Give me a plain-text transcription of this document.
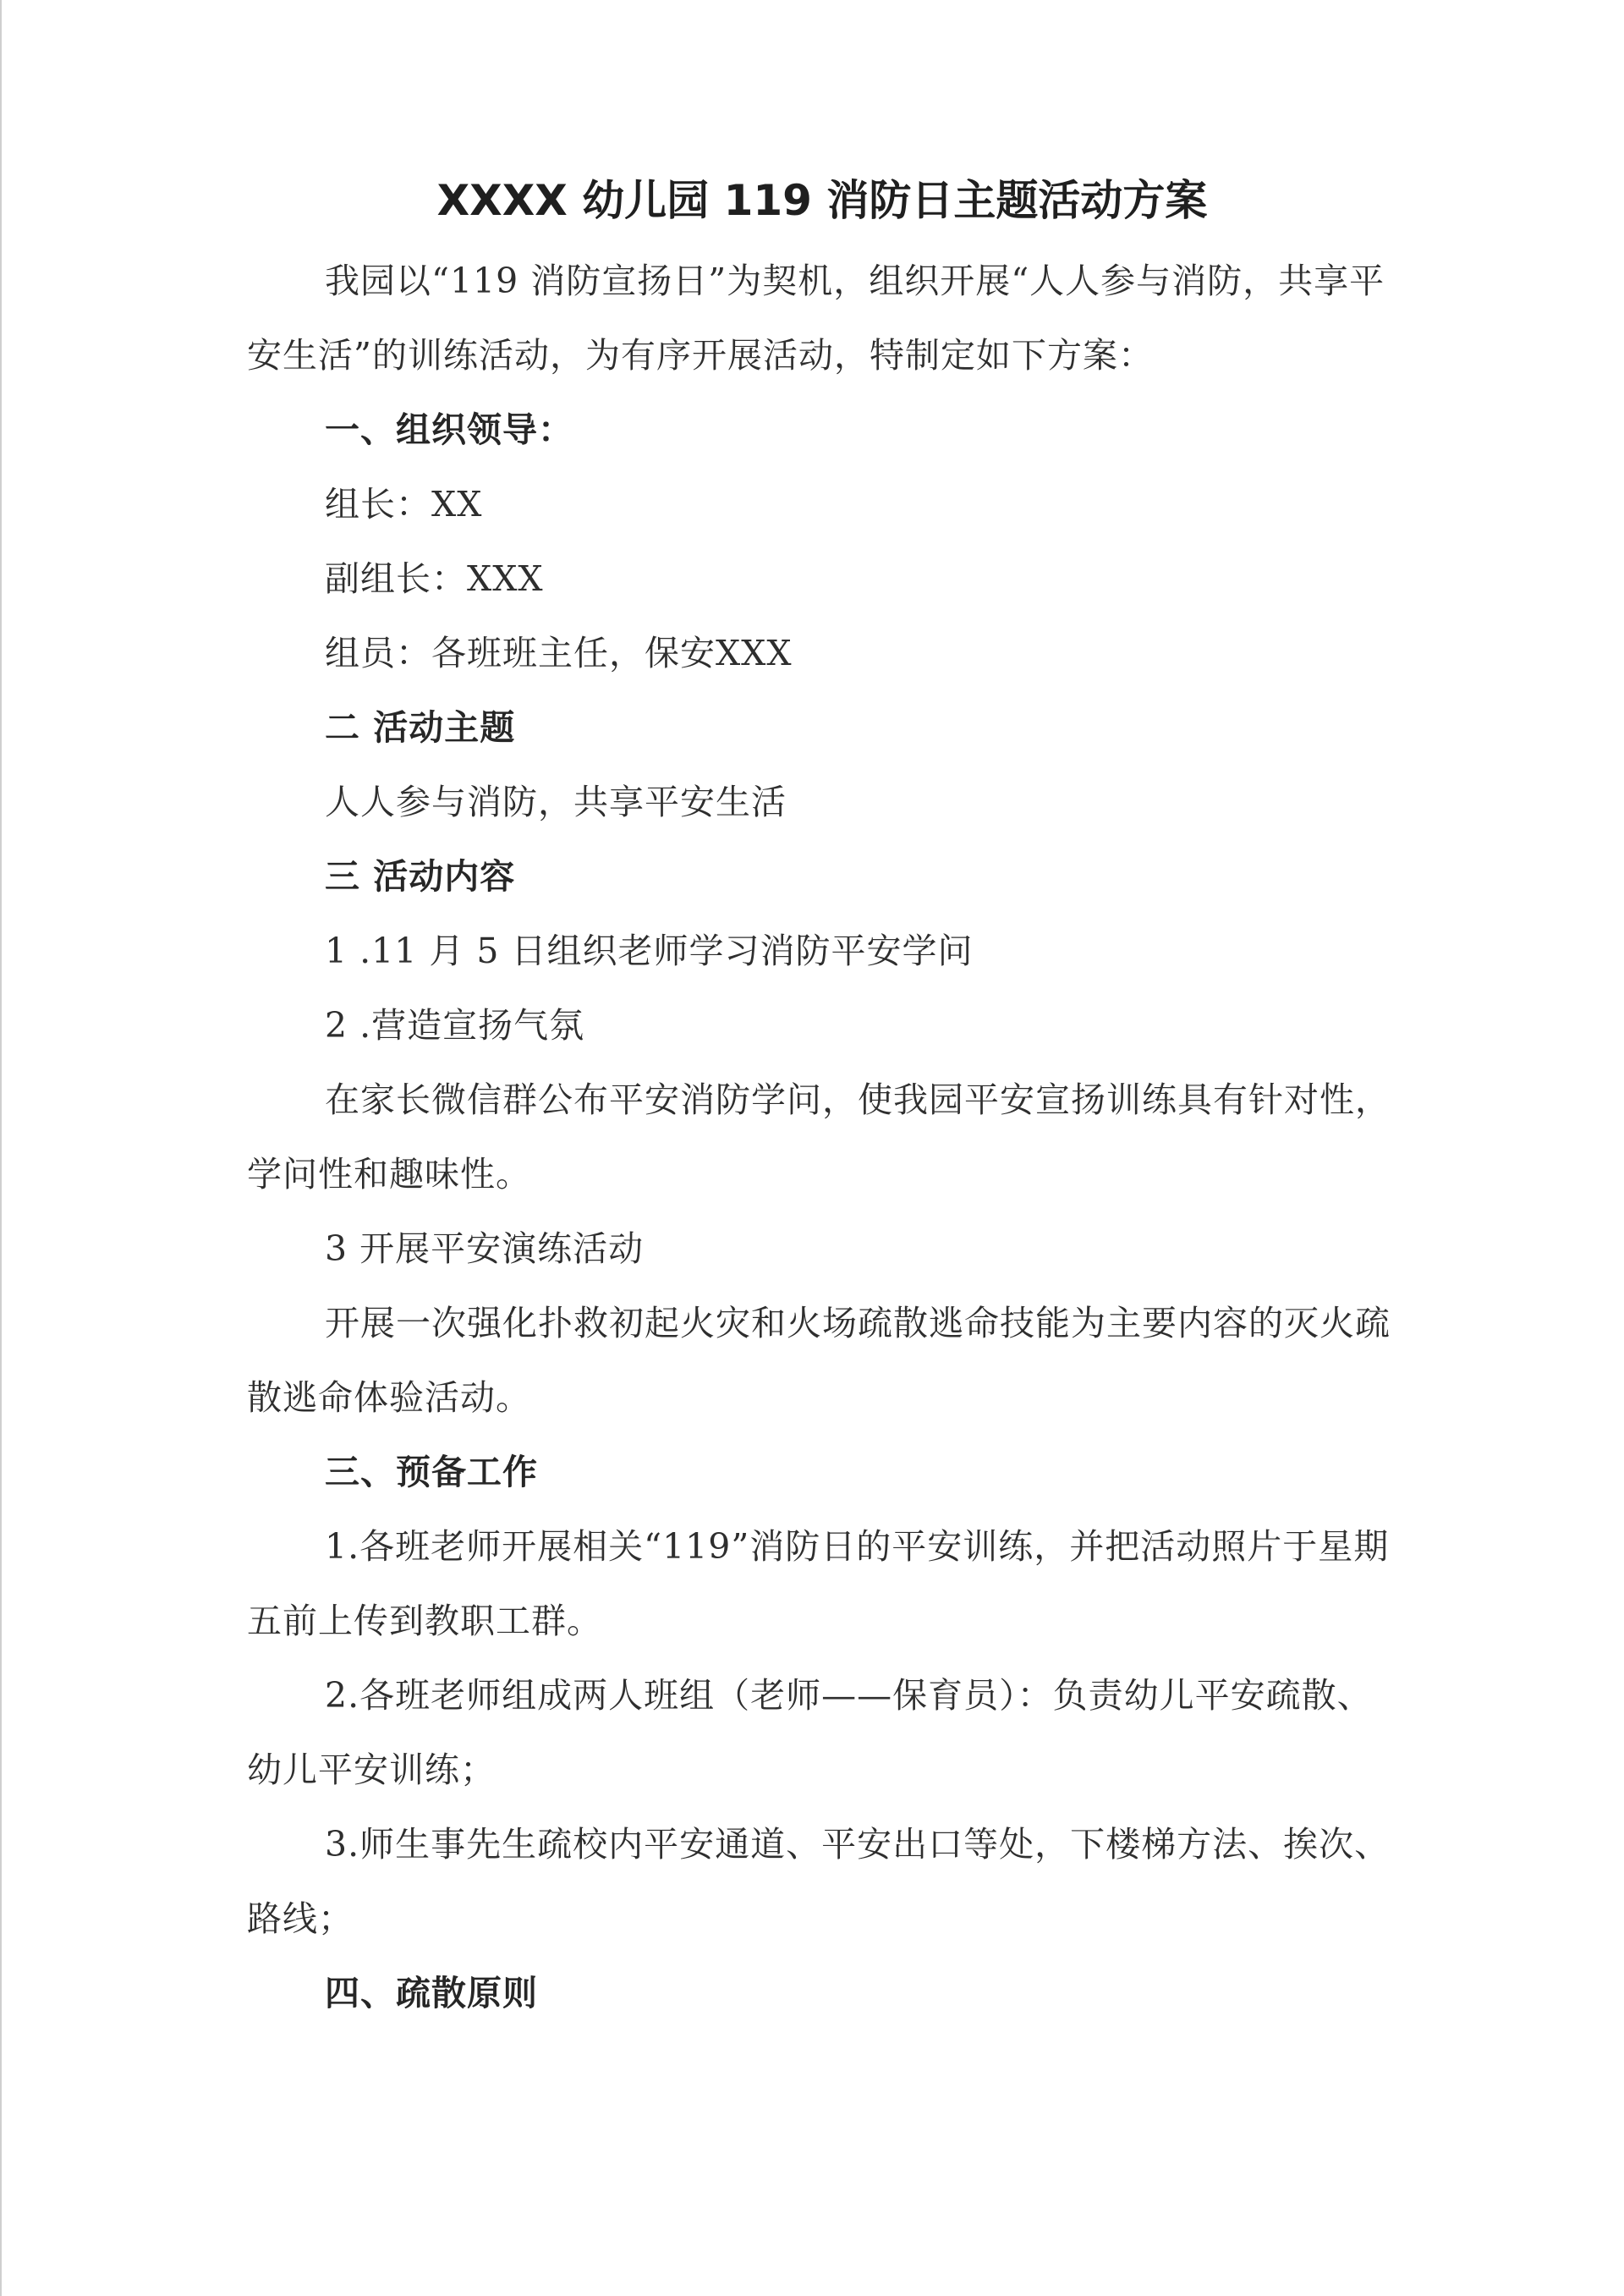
XXXX 幼儿园 119 消防日主题活动方案

我园以“119 消防宣扬日”为契机，组织开展“人人参与消防，共享平安生活”的训练活动，为有序开展活动，特制定如下方案：

一、组织领导：
组长：XX
副组长：XXX
组员：各班班主任，保安XXX
二 活动主题
人人参与消防，共享平安生活
三 活动内容
1 .11 月 5 日组织老师学习消防平安学问
2 .营造宣扬气氛

在家长微信群公布平安消防学问，使我园平安宣扬训练具有针对性，学问性和趣味性。

3 开展平安演练活动

开展一次强化扑救初起火灾和火场疏散逃命技能为主要内容的灭火疏散逃命体验活动。

三、预备工作

1.各班老师开展相关“119”消防日的平安训练，并把活动照片于星期五前上传到教职工群。

2.各班老师组成两人班组（老师——保育员）：负责幼儿平安疏散、幼儿平安训练；

3.师生事先生疏校内平安通道、平安出口等处，下楼梯方法、挨次、路线；

四、疏散原则
